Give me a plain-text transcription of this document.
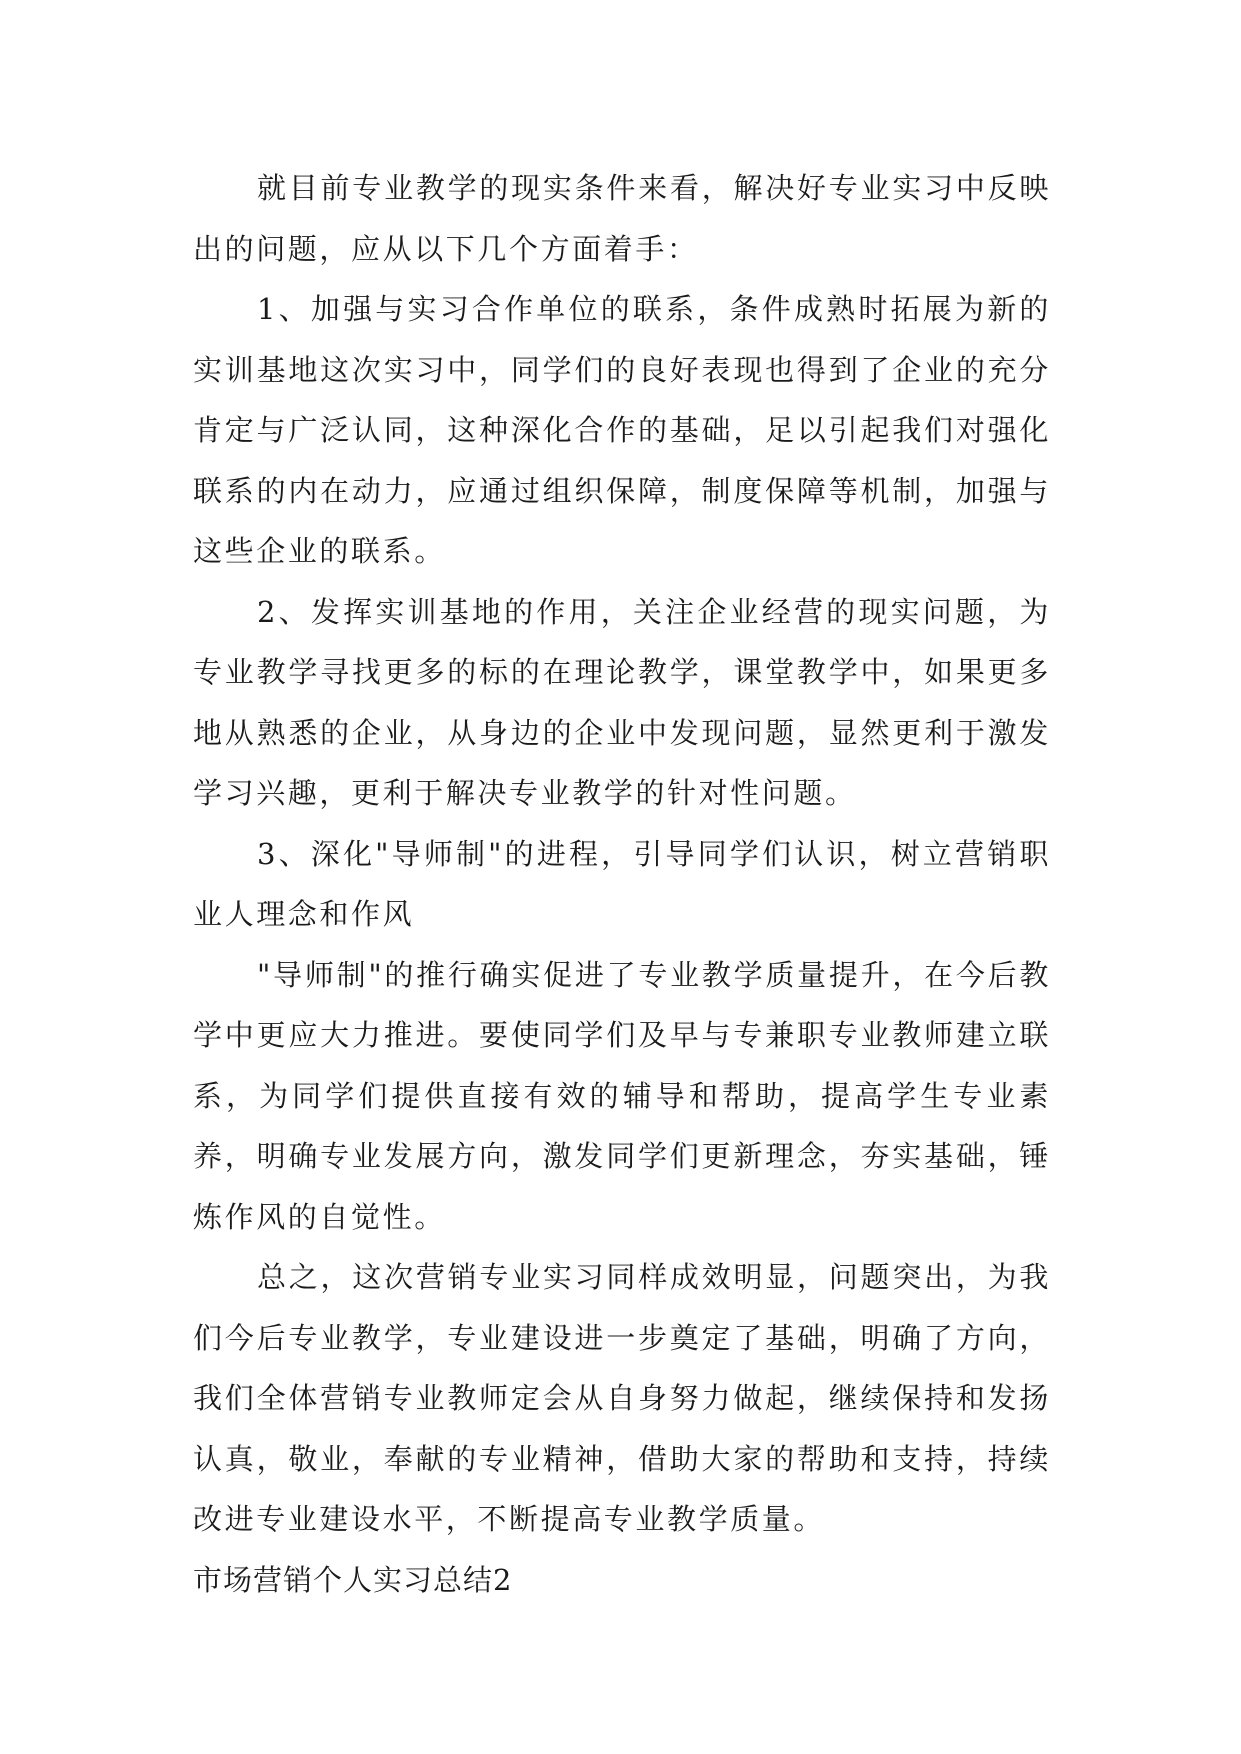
就目前专业教学的现实条件来看，解决好专业实习中反映出的问题，应从以下几个方面着手：

1、加强与实习合作单位的联系，条件成熟时拓展为新的实训基地这次实习中，同学们的良好表现也得到了企业的充分肯定与广泛认同，这种深化合作的基础，足以引起我们对强化联系的内在动力，应通过组织保障，制度保障等机制，加强与这些企业的联系。

2、发挥实训基地的作用，关注企业经营的现实问题，为专业教学寻找更多的标的在理论教学，课堂教学中，如果更多地从熟悉的企业，从身边的企业中发现问题，显然更利于激发学习兴趣，更利于解决专业教学的针对性问题。

3、深化"导师制"的进程，引导同学们认识，树立营销职业人理念和作风

"导师制"的推行确实促进了专业教学质量提升，在今后教学中更应大力推进。要使同学们及早与专兼职专业教师建立联系，为同学们提供直接有效的辅导和帮助，提高学生专业素养，明确专业发展方向，激发同学们更新理念，夯实基础，锤炼作风的自觉性。

总之，这次营销专业实习同样成效明显，问题突出，为我们今后专业教学，专业建设进一步奠定了基础，明确了方向，我们全体营销专业教师定会从自身努力做起，继续保持和发扬认真，敬业，奉献的专业精神，借助大家的帮助和支持，持续改进专业建设水平，不断提高专业教学质量。

市场营销个人实习总结2
